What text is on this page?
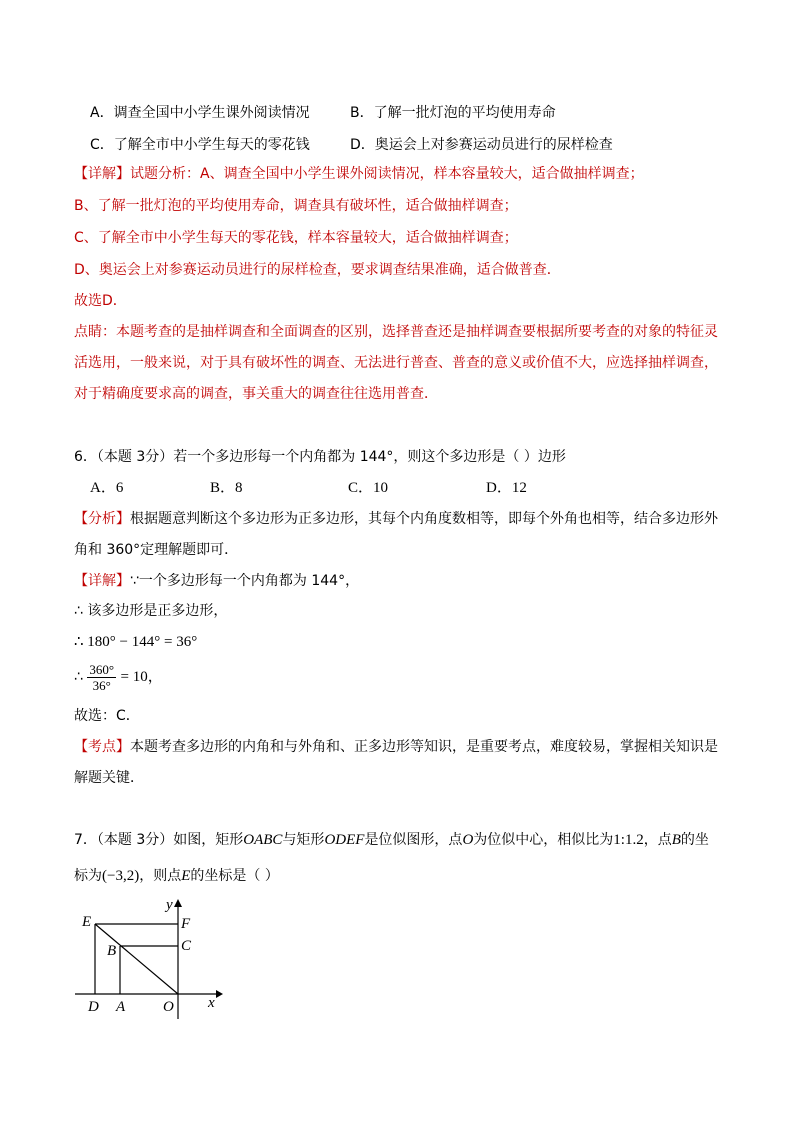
A．调查全国中小学生课外阅读情况	B．了解一批灯泡的平均使用寿命
C．了解全市中小学生每天的零花钱	D．奥运会上对参赛运动员进行的尿样检查
【详解】试题分析：A、调查全国中小学生课外阅读情况，样本容量较大，适合做抽样调查；
B、了解一批灯泡的平均使用寿命，调查具有破坏性，适合做抽样调查；
C、了解全市中小学生每天的零花钱，样本容量较大，适合做抽样调查；
D、奥运会上对参赛运动员进行的尿样检查，要求调查结果准确，适合做普查．
故选D．
点睛：本题考查的是抽样调查和全面调查的区别，选择普查还是抽样调查要根据所要考查的对象的特征灵
活选用，一般来说，对于具有破坏性的调查、无法进行普查、普查的意义或价值不大，应选择抽样调查，
对于精确度要求高的调查，事关重大的调查往往选用普查．
6．（本题 3分）若一个多边形每一个内角都为 144°，则这个多边形是（ ）边形
A．6	B．8	C．10	D．12
【分析】根据题意判断这个多边形为正多边形，其每个内角度数相等，即每个外角也相等，结合多边形外
角和 360°定理解题即可．
【详解】∵一个多边形每一个内角都为 144°，
∴ 该多边形是正多边形，
∴ 180° − 144° = 36°
∴ $\frac{360^\circ}{36^\circ} = 10$，
故选：C．
【考点】本题考查多边形的内角和与外角和、正多边形等知识，是重要考点，难度较易，掌握相关知识是
解题关键．
7．（本题 3分）如图，矩形OABC与矩形ODEF是位似图形，点O为位似中心，相似比为1:1.2，点B的坐
标为(−3,2)，则点E的坐标是（ ）
E	F
B	C
D A	O x
y
